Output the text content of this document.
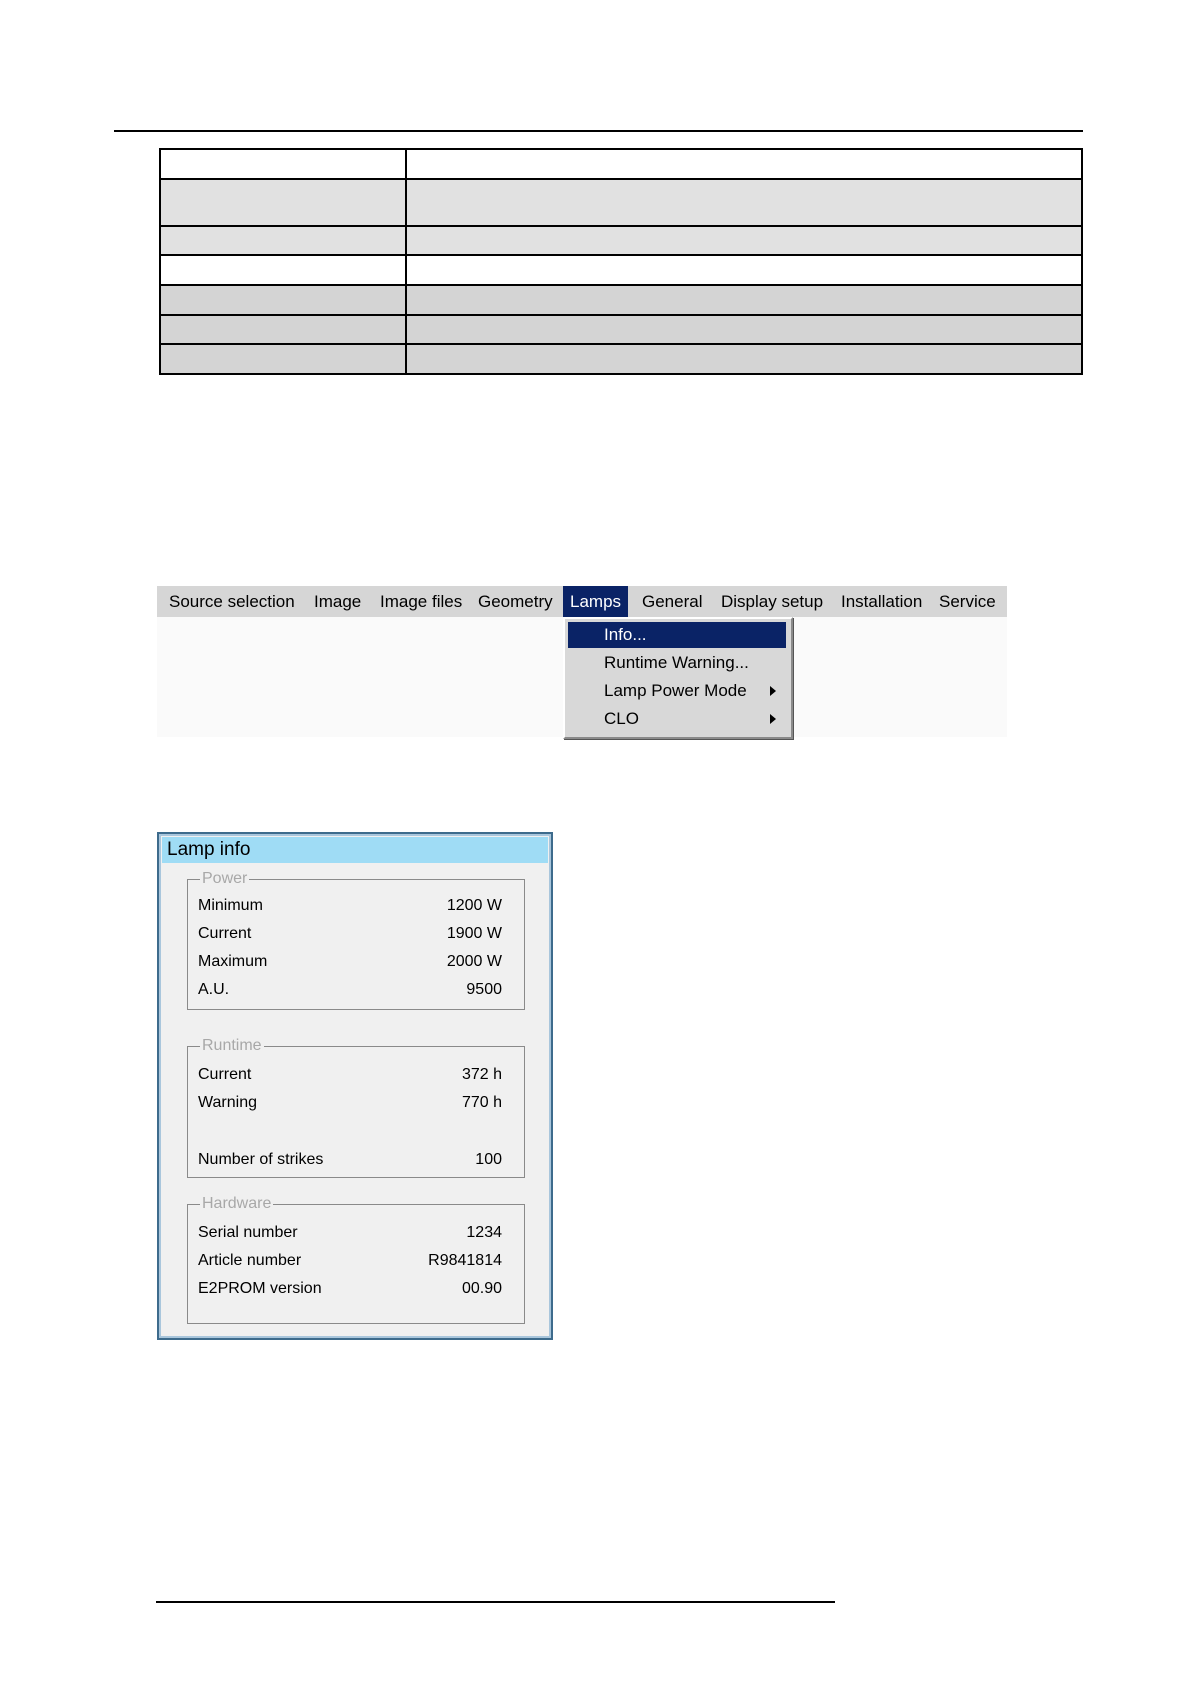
Source selection	Image	Image files Geometry	Lamps	General	Display setup	Installation Service
Info...
Runtime Warning...
Lamp Power Mode
CLO
Lamp info
Power
Minimum	1200 W
Current	1900 W
Maximum	2000 W
A.U.	9500
Runtime
Current	372 h
Warning	770 h
Number of strikes	100
Hardware
Serial number	1234
Article number	R9841814
E2PROM version	00.90
